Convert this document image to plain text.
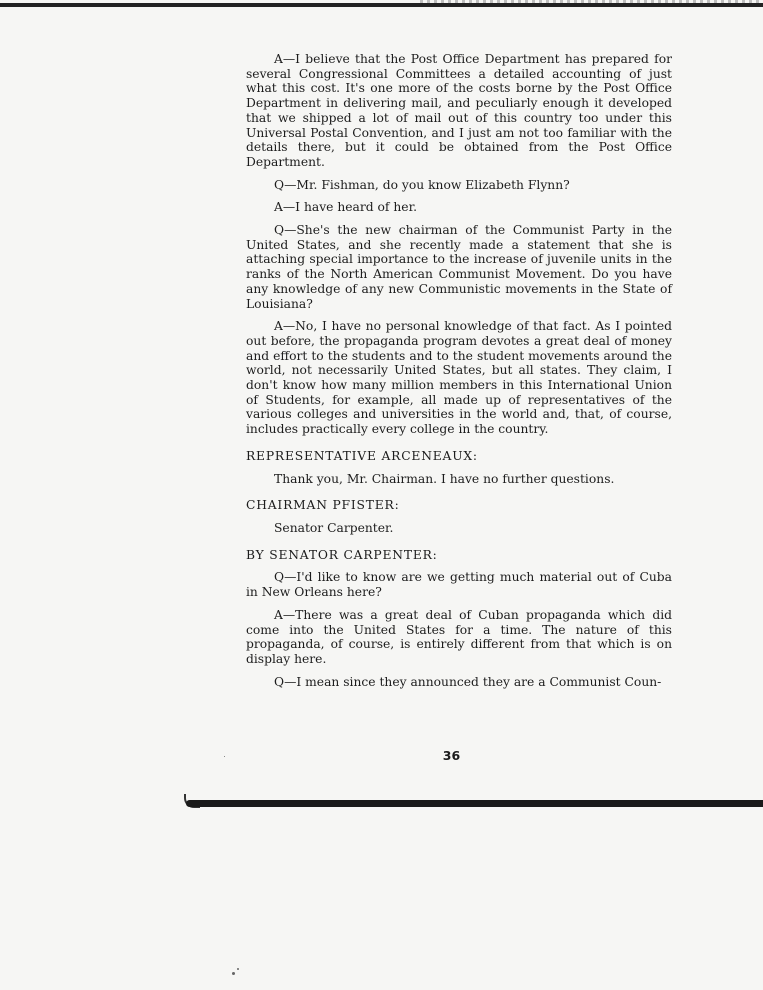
A—I believe that the Post Office Department has prepared for several Congressional Committees a detailed accounting of just what this cost. It's one more of the costs borne by the Post Office Department in delivering mail, and peculiarly enough it developed that we shipped a lot of mail out of this country too under this Universal Postal Convention, and I just am not too familiar with the details there, but it could be obtained from the Post Office Department.

Q—Mr. Fishman, do you know Elizabeth Flynn?

A—I have heard of her.

Q—She's the new chairman of the Communist Party in the United States, and she recently made a statement that she is attaching special importance to the increase of juvenile units in the ranks of the North American Communist Movement. Do you have any knowledge of any new Communistic movements in the State of Louisiana?

A—No, I have no personal knowledge of that fact. As I pointed out before, the propaganda program devotes a great deal of money and effort to the students and to the student movements around the world, not necessarily United States, but all states. They claim, I don't know how many million members in this International Union of Students, for example, all made up of representatives of the various colleges and universities in the world and, that, of course, includes practically every college in the country.

REPRESENTATIVE ARCENEAUX:

Thank you, Mr. Chairman. I have no further questions.

CHAIRMAN PFISTER:

Senator Carpenter.

BY SENATOR CARPENTER:

Q—I'd like to know are we getting much material out of Cuba in New Orleans here?

A—There was a great deal of Cuban propaganda which did come into the United States for a time. The nature of this propaganda, of course, is entirely different from that which is on display here.

Q—I mean since they announced they are a Communist Coun-

36
